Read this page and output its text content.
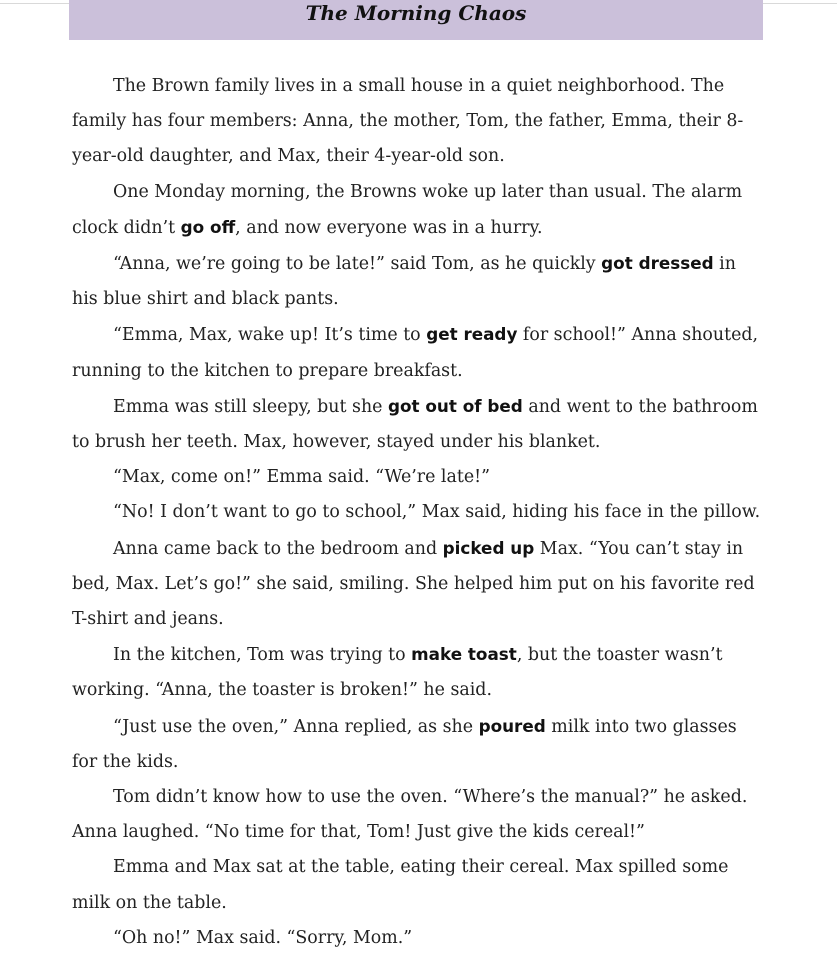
The Morning Chaos

The Brown family lives in a small house in a quiet neighborhood. The family has four members: Anna, the mother, Tom, the father, Emma, their 8-year-old daughter, and Max, their 4-year-old son.

One Monday morning, the Browns woke up later than usual. The alarm clock didn’t go off, and now everyone was in a hurry.

“Anna, we’re going to be late!” said Tom, as he quickly got dressed in his blue shirt and black pants.

“Emma, Max, wake up! It’s time to get ready for school!” Anna shouted, running to the kitchen to prepare breakfast.

Emma was still sleepy, but she got out of bed and went to the bathroom to brush her teeth. Max, however, stayed under his blanket.

“Max, come on!” Emma said. “We’re late!”

“No! I don’t want to go to school,” Max said, hiding his face in the pillow.

Anna came back to the bedroom and picked up Max. “You can’t stay in bed, Max. Let’s go!” she said, smiling. She helped him put on his favorite red T-shirt and jeans.

In the kitchen, Tom was trying to make toast, but the toaster wasn’t working. “Anna, the toaster is broken!” he said.

“Just use the oven,” Anna replied, as she poured milk into two glasses for the kids.

Tom didn’t know how to use the oven. “Where’s the manual?” he asked. Anna laughed. “No time for that, Tom! Just give the kids cereal!”

Emma and Max sat at the table, eating their cereal. Max spilled some milk on the table.

“Oh no!” Max said. “Sorry, Mom.”
